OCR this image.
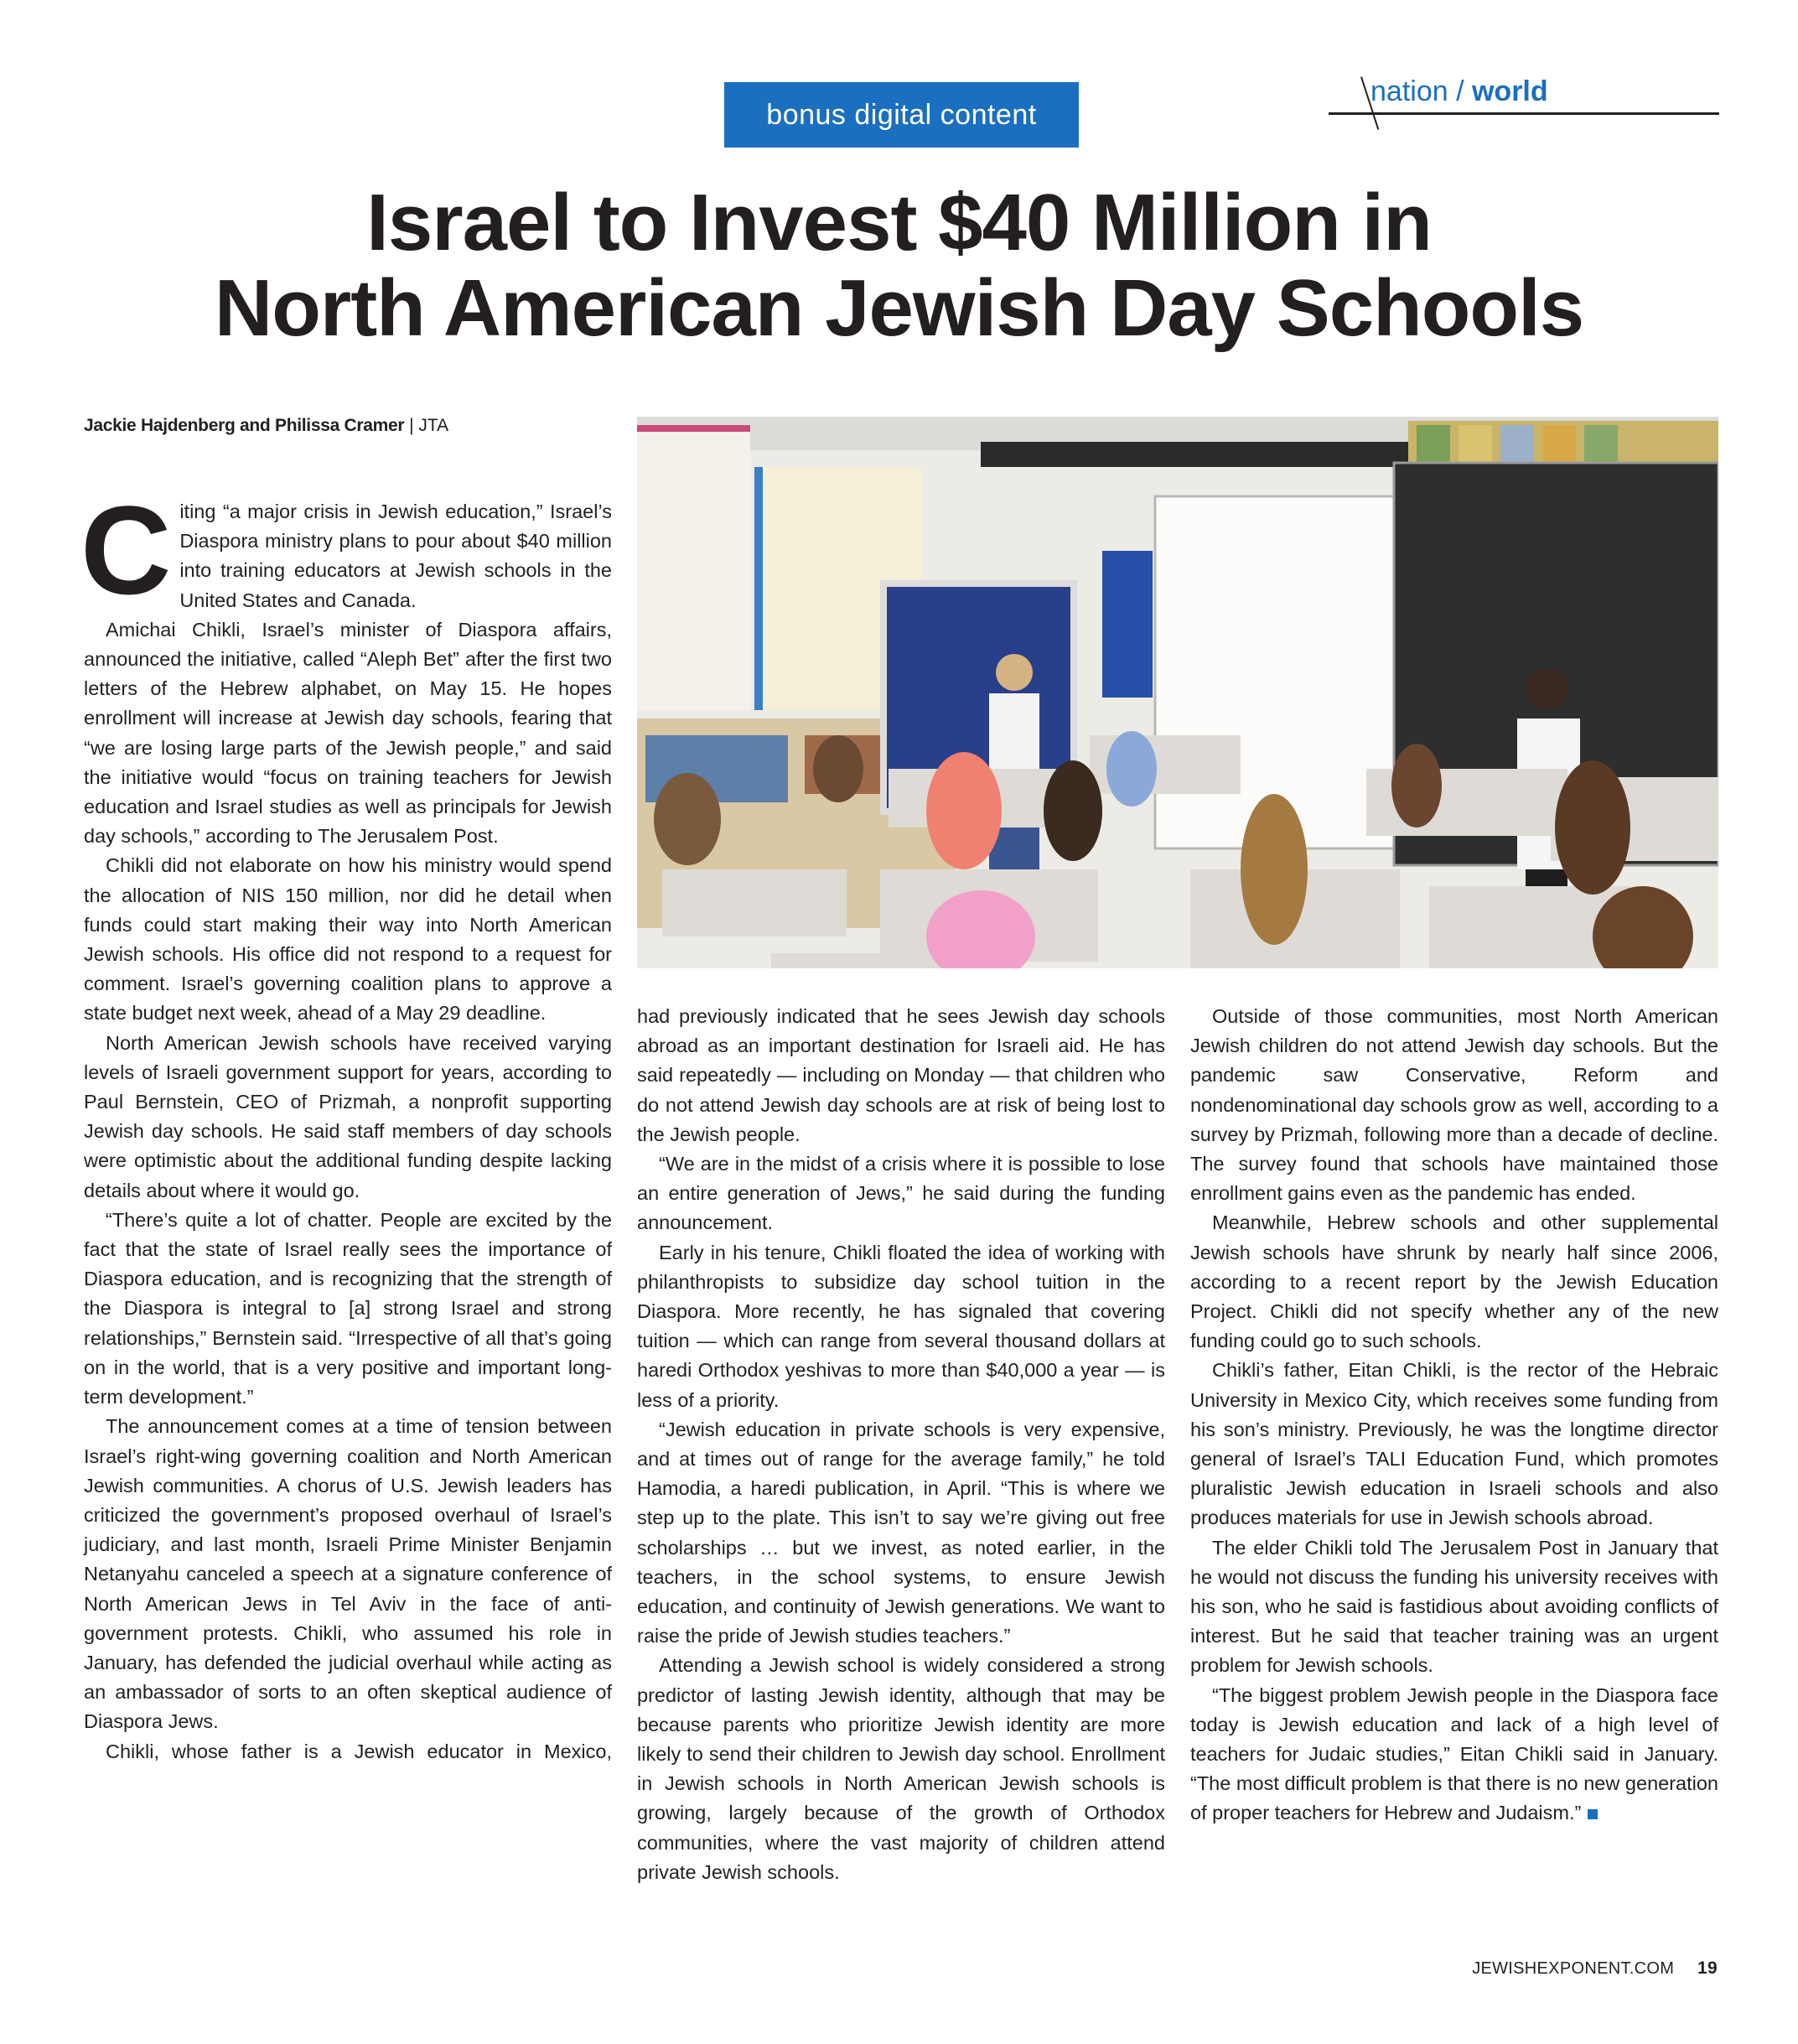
bonus digital content
nation / world
Israel to Invest $40 Million in
North American Jewish Day Schools
Jackie Hajdenberg and Philissa Cramer | JTA

Citing “a major crisis in Jewish education,” Israel’s Diaspora ministry plans to pour about $40 million into training educators at Jewish schools in the United States and Canada.

Amichai Chikli, Israel’s minister of Diaspora affairs, announced the initiative, called “Aleph Bet” after the first two letters of the Hebrew alphabet, on May 15. He hopes enrollment will increase at Jewish day schools, fearing that “we are losing large parts of the Jewish people,” and said the initiative would “focus on training teachers for Jewish education and Israel studies as well as principals for Jewish day schools,” according to The Jerusalem Post.

Chikli did not elaborate on how his ministry would spend the allocation of NIS 150 million, nor did he detail when funds could start making their way into North American Jewish schools. His office did not respond to a request for comment. Israel’s governing coalition plans to approve a state budget next week, ahead of a May 29 deadline.

North American Jewish schools have received varying levels of Israeli government support for years, according to Paul Bernstein, CEO of Prizmah, a nonprofit supporting Jewish day schools. He said staff members of day schools were optimistic about the additional funding despite lacking details about where it would go.

“There’s quite a lot of chatter. People are excited by the fact that the state of Israel really sees the importance of Diaspora education, and is recognizing that the strength of the Diaspora is integral to [a] strong Israel and strong relationships,” Bernstein said. “Irrespective of all that’s going on in the world, that is a very positive and important long-term development.”

The announcement comes at a time of tension between Israel’s right-wing governing coalition and North American Jewish communities. A chorus of U.S. Jewish leaders has criticized the government’s proposed overhaul of Israel’s judiciary, and last month, Israeli Prime Minister Benjamin Netanyahu canceled a speech at a signature conference of North American Jews in Tel Aviv in the face of anti-government protests. Chikli, who assumed his role in January, has defended the judicial overhaul while acting as an ambassador of sorts to an often skeptical audience of Diaspora Jews.

Chikli, whose father is a Jewish educator in Mexico,

had previously indicated that he sees Jewish day schools abroad as an important destination for Israeli aid. He has said repeatedly — including on Monday — that children who do not attend Jewish day schools are at risk of being lost to the Jewish people.

“We are in the midst of a crisis where it is possible to lose an entire generation of Jews,” he said during the funding announcement.

Early in his tenure, Chikli floated the idea of working with philanthropists to subsidize day school tuition in the Diaspora. More recently, he has signaled that covering tuition — which can range from several thousand dollars at haredi Orthodox yeshivas to more than $40,000 a year — is less of a priority.

“Jewish education in private schools is very expensive, and at times out of range for the average family,” he told Hamodia, a haredi publication, in April. “This is where we step up to the plate. This isn’t to say we’re giving out free scholarships … but we invest, as noted earlier, in the teachers, in the school systems, to ensure Jewish education, and continuity of Jewish generations. We want to raise the pride of Jewish studies teachers.”

Attending a Jewish school is widely considered a strong predictor of lasting Jewish identity, although that may be because parents who prioritize Jewish identity are more likely to send their children to Jewish day school. Enrollment in Jewish schools in North American Jewish schools is growing, largely because of the growth of Orthodox communities, where the vast majority of children attend private Jewish schools.

Outside of those communities, most North American Jewish children do not attend Jewish day schools. But the pandemic saw Conservative, Reform and nondenominational day schools grow as well, according to a survey by Prizmah, following more than a decade of decline. The survey found that schools have maintained those enrollment gains even as the pandemic has ended.

Meanwhile, Hebrew schools and other supplemental Jewish schools have shrunk by nearly half since 2006, according to a recent report by the Jewish Education Project. Chikli did not specify whether any of the new funding could go to such schools.

Chikli’s father, Eitan Chikli, is the rector of the Hebraic University in Mexico City, which receives some funding from his son’s ministry. Previously, he was the longtime director general of Israel’s TALI Education Fund, which promotes pluralistic Jewish education in Israeli schools and also produces materials for use in Jewish schools abroad.

The elder Chikli told The Jerusalem Post in January that he would not discuss the funding his university receives with his son, who he said is fastidious about avoiding conflicts of interest. But he said that teacher training was an urgent problem for Jewish schools.

“The biggest problem Jewish people in the Diaspora face today is Jewish education and lack of a high level of teachers for Judaic studies,” Eitan Chikli said in January. “The most difficult problem is that there is no new generation of proper teachers for Hebrew and Judaism.”

JEWISHEXPONENT.COM 19
